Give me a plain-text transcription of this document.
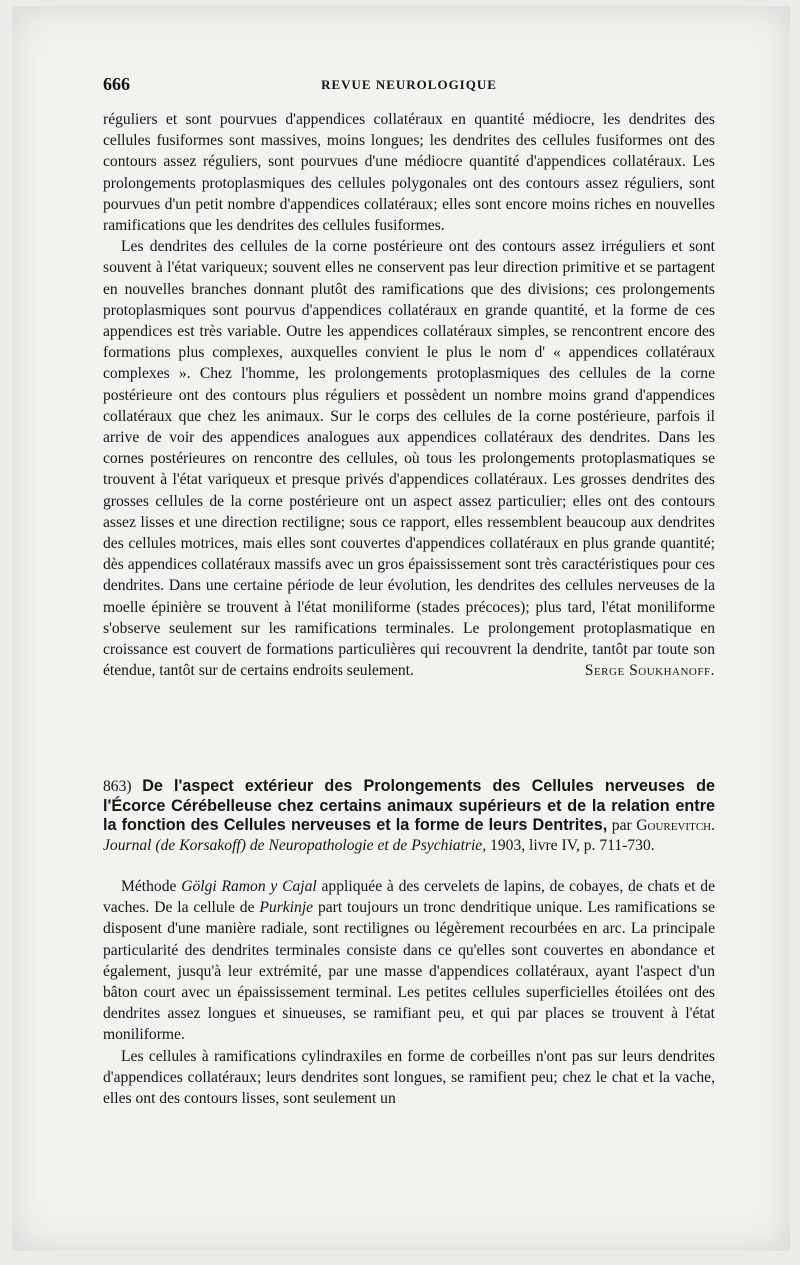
666	REVUE NEUROLOGIQUE

réguliers et sont pourvues d'appendices collatéraux en quantité médiocre, les dendrites des cellules fusiformes sont massives, moins longues; les dendrites des cellules fusiformes ont des contours assez réguliers, sont pourvues d'une médiocre quantité d'appendices collatéraux. Les prolongements protoplasmiques des cellules polygonales ont des contours assez réguliers, sont pourvues d'un petit nombre d'appendices collatéraux; elles sont encore moins riches en nouvelles ramifications que les dendrites des cellules fusiformes.

Les dendrites des cellules de la corne postérieure ont des contours assez irréguliers et sont souvent à l'état variqueux; souvent elles ne conservent pas leur direction primitive et se partagent en nouvelles branches donnant plutôt des ramifications que des divisions; ces prolongements protoplasmiques sont pourvus d'appendices collatéraux en grande quantité, et la forme de ces appendices est très variable. Outre les appendices collatéraux simples, se rencontrent encore des formations plus complexes, auxquelles convient le plus le nom d' « appendices collatéraux complexes ». Chez l'homme, les prolongements protoplasmiques des cellules de la corne postérieure ont des contours plus réguliers et possèdent un nombre moins grand d'appendices collatéraux que chez les animaux. Sur le corps des cellules de la corne postérieure, parfois il arrive de voir des appendices analogues aux appendices collatéraux des dendrites. Dans les cornes postérieures on rencontre des cellules, où tous les prolongements protoplasmatiques se trouvent à l'état variqueux et presque privés d'appendices collatéraux. Les grosses dendrites des grosses cellules de la corne postérieure ont un aspect assez particulier; elles ont des contours assez lisses et une direction rectiligne; sous ce rapport, elles ressemblent beaucoup aux dendrites des cellules motrices, mais elles sont couvertes d'appendices collatéraux en plus grande quantité; dès appendices collatéraux massifs avec un gros épaississement sont très caractéristiques pour ces dendrites. Dans une certaine période de leur évolution, les dendrites des cellules nerveuses de la moelle épinière se trouvent à l'état moniliforme (stades précoces); plus tard, l'état moniliforme s'observe seulement sur les ramifications terminales. Le prolongement protoplasmatique en croissance est couvert de formations particulières qui recouvrent la dendrite, tantôt par toute son étendue, tantôt sur de certains endroits seulement.	Serge Soukhanoff.

863) De l'aspect extérieur des Prolongements des Cellules nerveuses de l'Écorce Cérébelleuse chez certains animaux supérieurs et de la relation entre la fonction des Cellules nerveuses et la forme de leurs Dentrites, par Gourevitch. Journal (de Korsakoff) de Neuropathologie et de Psychiatrie, 1903, livre IV, p. 711-730.

Méthode Gölgi Ramon y Cajal appliquée à des cervelets de lapins, de cobayes, de chats et de vaches. De la cellule de Purkinje part toujours un tronc dendritique unique. Les ramifications se disposent d'une manière radiale, sont rectilignes ou légèrement recourbées en arc. La principale particularité des dendrites terminales consiste dans ce qu'elles sont couvertes en abondance et également, jusqu'à leur extrémité, par une masse d'appendices collatéraux, ayant l'aspect d'un bâton court avec un épaississement terminal. Les petites cellules superficielles étoilées ont des dendrites assez longues et sinueuses, se ramifiant peu, et qui par places se trouvent à l'état moniliforme.

Les cellules à ramifications cylindraxiles en forme de corbeilles n'ont pas sur leurs dendrites d'appendices collatéraux; leurs dendrites sont longues, se ramifient peu; chez le chat et la vache, elles ont des contours lisses, sont seulement un
